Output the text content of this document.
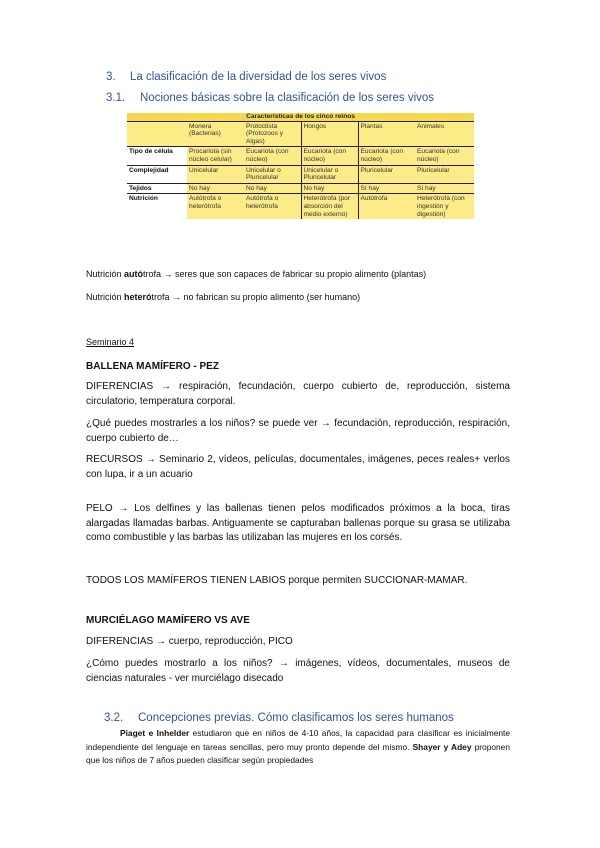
3. La clasificación de la diversidad de los seres vivos
3.1. Nociones básicas sobre la clasificación de los seres vivos
Características de los cinco reinos					
	Monera (Bacterias)	Protoctista (Protozoos y Algas)	Hongos	Plantas	Animales
Tipo de célula	Procariota (sin núcleo celular)	Eucariota (con núcleo)	Eucariota (con núcleo)	Eucariota (con núcleo)	Eucariota (con núcleo)
Complejidad	Unicelular	Unicelular o Pluricelular	Unicelular o Pluricelular	Pluricelular	Pluricelular
Tejidos	No hay	No hay	No hay	Sí hay	Sí hay
Nutrición	Autótrofa o heterótrofa	Autótrofa o heterótrofa	Heterótrofa (por absorción del medio externo)	Autótrofa	Heterótrofa (con ingestión y digestión)
Nutrición autótrofa → seres que son capaces de fabricar su propio alimento (plantas)
Nutrición heterótrofa → no fabrican su propio alimento (ser humano)
Seminario 4
BALLENA MAMÍFERO - PEZ
DIFERENCIAS → respiración, fecundación, cuerpo cubierto de, reproducción, sistema circulatorio, temperatura corporal.
¿Qué puedes mostrarles a los niños? se puede ver → fecundación, reproducción, respiración, cuerpo cubierto de…
RECURSOS → Seminario 2, vídeos, películas, documentales, imágenes, peces reales+ verlos con lupa, ir a un acuario
PELO → Los delfines y las ballenas tienen pelos modificados próximos a la boca, tiras alargadas llamadas barbas. Antiguamente se capturaban ballenas porque su grasa se utilizaba como combustible y las barbas las utilizaban las mujeres en los corsés.
TODOS LOS MAMÍFEROS TIENEN LABIOS porque permiten SUCCIONAR-MAMAR.
MURCIÉLAGO MAMÍFERO VS AVE
DIFERENCIAS → cuerpo, reproducción, PICO
¿Cómo puedes mostrarlo a los niños? → imágenes, vídeos, documentales, museos de ciencias naturales - ver murciélago disecado
3.2. Concepciones previas. Cómo clasificamos los seres humanos
Piaget e Inhelder estudiaron que en niños de 4-10 años, la capacidad para clasificar es inicialmente independiente del lenguaje en tareas sencillas, pero muy pronto depende del mismo. Shayer y Adey proponen que los niños de 7 años pueden clasificar según propiedades
